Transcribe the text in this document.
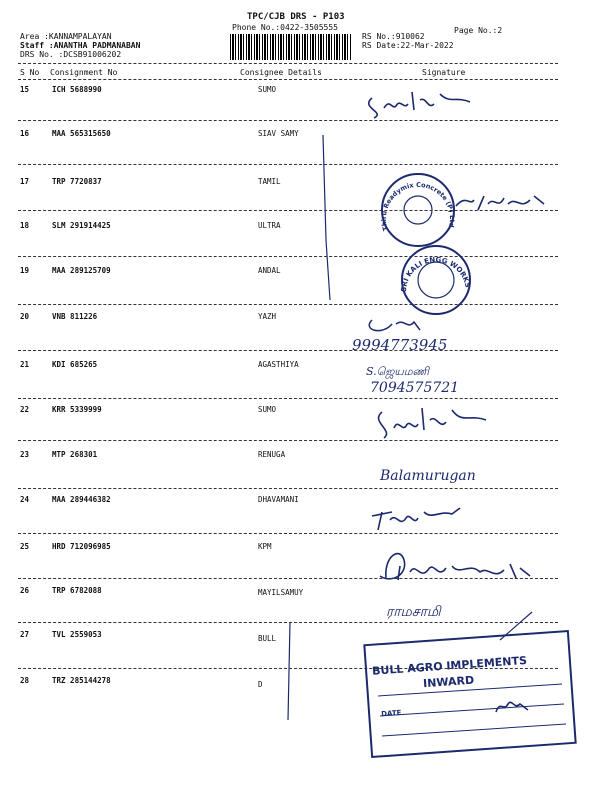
TPC/CJB DRS - P103
Phone No.:0422-3505555	Page No.:2
Area :KANNAMPALAYAN
Staff :ANANTHA PADMANABAN
DRS No. :DCSB91006202
RS No.:910062
RS Date:22-Mar-2022
S No Consignment No	Consignee Details	Signature
15	ICH 5688990	SUMO
16	MAA 565315650	SIAV SAMY
17	TRP 7720837	TAMIL
18	SLM 291914425	ULTRA
19	MAA 289125709	ANDAL
20	VNB 811226	YAZH
21	KDI 685265	AGASTHIYA
22	KRR 5339999	SUMO
23	MTP 268301	RENUGA
24	MAA 289446382	DHAVAMANI
25	HRD 712096985	KPM
26	TRP 6782088	MAYILSAMUY
27	TVL 2559053	BULL
28	TRZ 285144278	D
Thiru Readymix Concrete (P) Ltd.
SRI KALI ENGG WORKS
9994773945
S.ஜெயமணி
7094575721
Balamurugan
ராமசாமி
BULL AGRO IMPLEMENTS
INWARD
DATE
